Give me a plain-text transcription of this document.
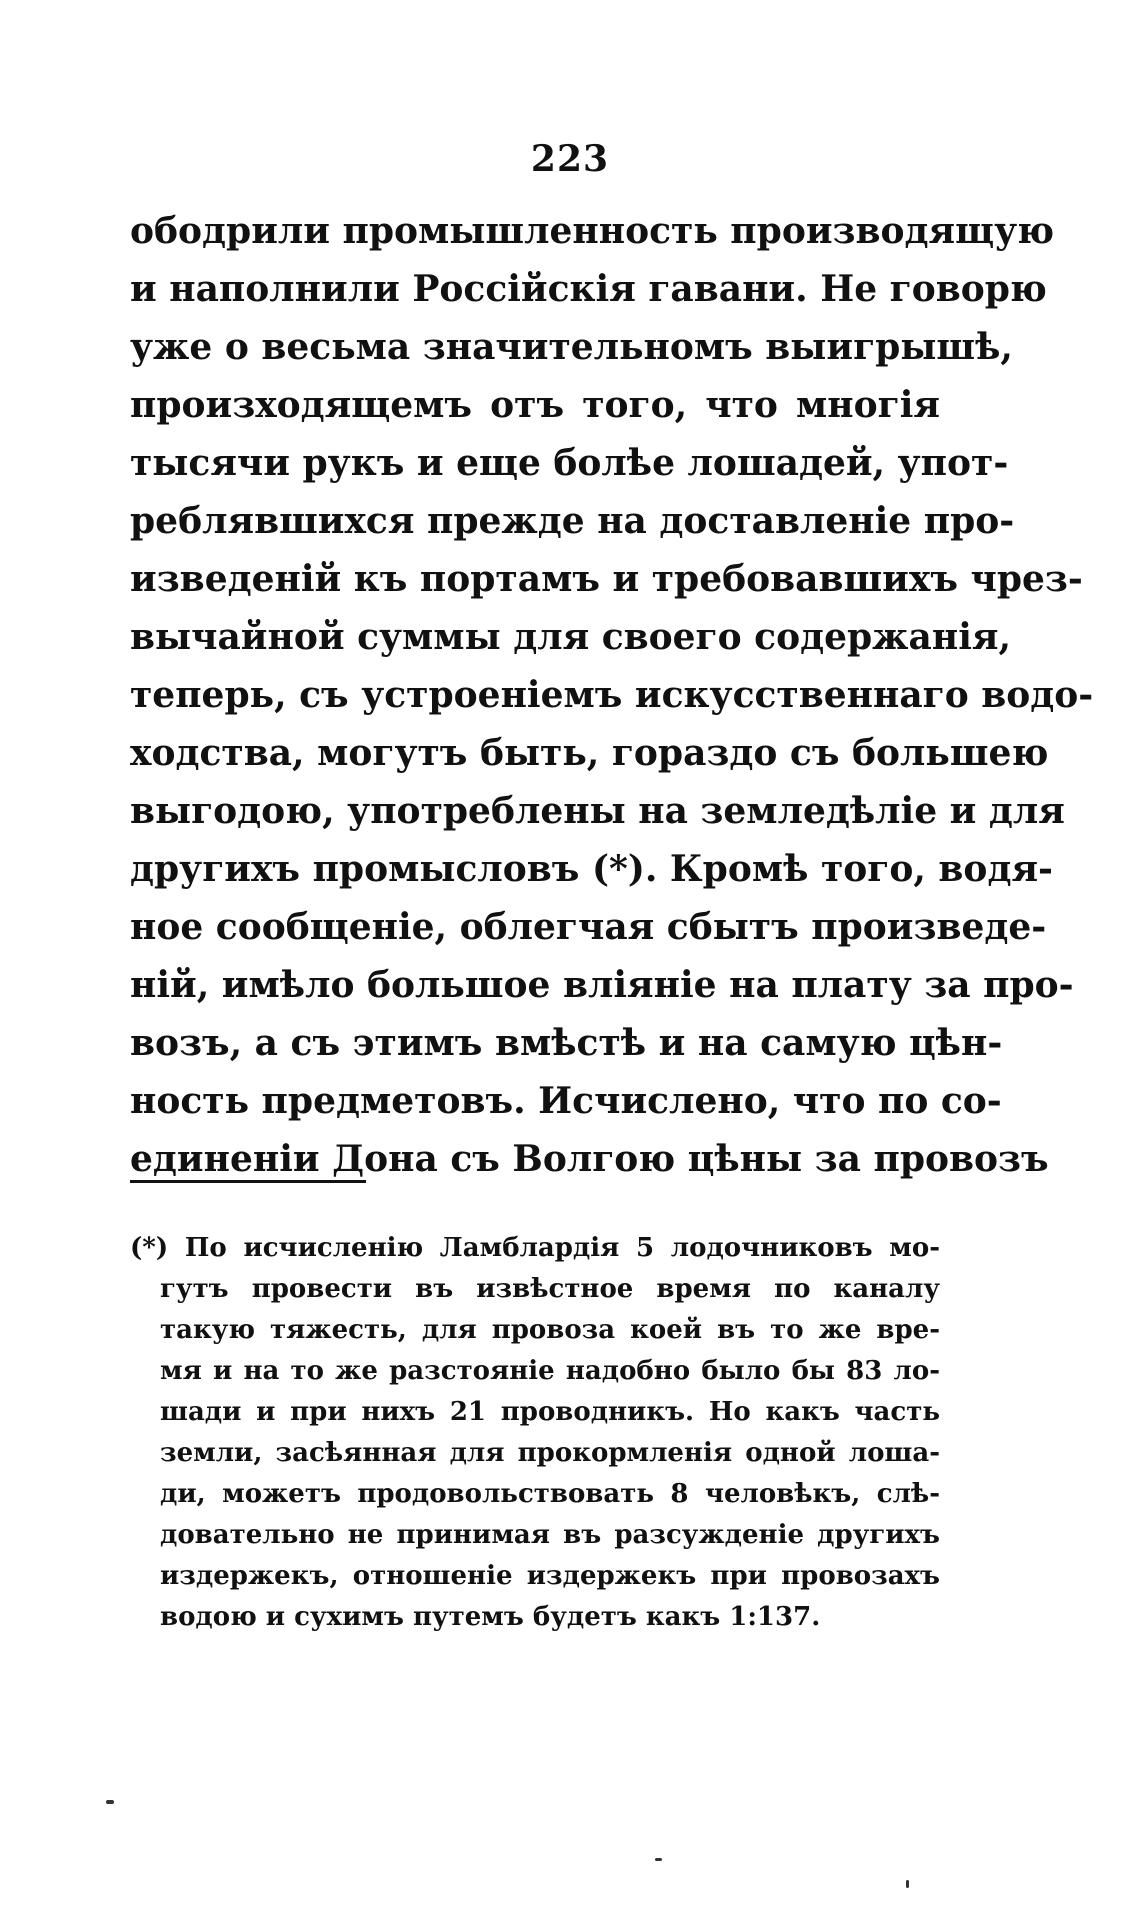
223
ободрили промышленность производящую
и наполнили Россійскія гавани. Не говорю
уже о весьма значительномъ выигрышѣ,
произходящемъ отъ того, что многія
тысячи рукъ и еще болѣе лошадей, упот-
реблявшихся прежде на доставленіе про-
изведеній къ портамъ и требовавшихъ чрез-
вычайной суммы для своего содержанія,
теперь, съ устроеніемъ искусственнаго водо-
ходства, могутъ быть, гораздо съ большею
выгодою, употреблены на земледѣліе и для
другихъ промысловъ (*). Кромѣ того, водя-
ное сообщеніе, облегчая сбытъ произведе-
ній, имѣло большое вліяніе на плату за про-
возъ, а съ этимъ вмѣстѣ и на самую цѣн-
ность предметовъ. Исчислено, что по со-
единеніи Дона съ Волгою цѣны за провозъ
(*) По исчисленію Ламблардія 5 лодочниковъ мо-
гутъ провести въ извѣстное время по каналу
такую тяжесть, для провоза коей въ то же вре-
мя и на то же разстояніе надобно было бы 83 ло-
шади и при нихъ 21 проводникъ. Но какъ часть
земли, засѣянная для прокормленія одной лоша-
ди, можетъ продовольствовать 8 человѣкъ, слѣ-
довательно не принимая въ разсужденіе другихъ
издержекъ, отношеніе издержекъ при провозахъ
водою и сухимъ путемъ будетъ какъ 1:137.
